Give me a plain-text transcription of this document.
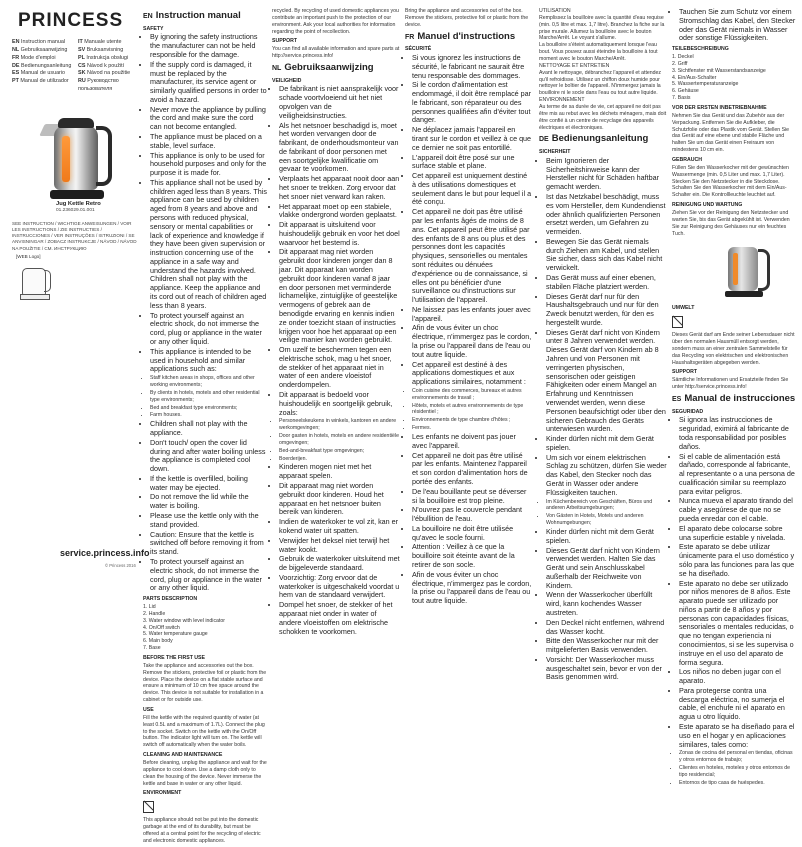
PRINCESS
EN Instruction manual	IT Manuale utente
NL Gebruiksaanwijzing	SV Bruksanvisning
FR Mode d'emploi	PL Instrukcja obsługi
DE Bedienungsanleitung	CS Návod k použití
ES Manual de usuario	SK Návod na použitie
PT Manual de utilizador	RU Руководство пользователя
Jug Kettle Retro
01.236029.01.001
SEE INSTRUCTION / WICHTIGE ANWEISUNGEN / VOIR LES INSTRUCTIONS / ZIE INSTRUCTIES / INSTRUCCIONES / VER INSTRUÇÕES / ISTRUZIONI / SE ANVISNINGAR / ZOBACZ INSTRUKCJE / NÁVOD / NÁVOD NA POUŽITIE / СМ. ИНСТРУКЦИЮ
[WEB Logo]
service.princess.info
© Princess 2016
EN Instruction manual
SAFETY
• By ignoring the safety instructions the manufacturer can not be held responsible for the damage.
• If the supply cord is damaged, it must be replaced by the manufacturer, its service agent or similarly qualified persons in order to avoid a hazard.
• Never move the appliance by pulling the cord and make sure the cord can not become entangled.
• The appliance must be placed on a stable, level surface.
• This appliance is only to be used for household purposes and only for the purpose it is made for.
• This appliance shall not be used by children aged less than 8 years. This appliance can be used by children aged from 8 years and above and persons with reduced physical, sensory or mental capabilities or lack of experience and knowledge if they have been given supervision or instruction concerning use of the appliance in a safe way and understand the hazards involved. Children shall not play with the appliance. Keep the appliance and its cord out of reach of children aged less than 8 years.
• To protect yourself against an electric shock, do not immerse the cord, plug or appliance in the water or any other liquid.
• This appliance is intended to be used in household and similar applications such as:
• Staff kitchen areas in shops, offices and other working environments;
• By clients in hotels, motels and other residential type environments;
• Bed and breakfast type environments;
• Farm houses.
• Children shall not play with the appliance.
• Don't touch/ open the cover lid during and after water boiling unless the appliance is completed cool down.
• If the kettle is overfilled, boiling water may be ejected.
• Do not remove the lid while the water is boiling.
• Please use the kettle only with the stand provided.
• Caution: Ensure that the kettle is switched off before removing it from its stand.
• To protect yourself against an electric shock, do not immerse the cord, plug or appliance in the water or any other liquid.
PARTS DESCRIPTION
1. Lid
2. Handle
3. Water window with level indicator
4. On/Off switch
5. Water temperature gauge
6. Main body
7. Base
BEFORE THE FIRST USE
Take the appliance and accessories out the box. Remove the stickers, protective foil or plastic from the device. Place the device on a flat stable surface and ensure a minimum of 10 cm free space around the device. This device is not suitable for installation in a cabinet or for outside use.
USE
Fill the kettle with the required quantity of water (at least 0.5L and a maximum of 1.7L). Connect the plug to the socket. Switch on the kettle with the On/Off button. The indicator light will turn on. The kettle will switch off automatically when the water boils.
CLEANING AND MAINTENANCE
Before cleaning, unplug the appliance and wait for the appliance to cool down. Use a damp cloth only to clean the housing of the device. Never immerse the kettle and base in water or any other liquid.
ENVIRONMENT
This appliance should not be put into the domestic garbage at the end of its durability, but must be offered at a central point for the recycling of electric and electronic domestic appliances.
recycled. By recycling of used domestic appliances you contribute an important push to the protection of our environment. Ask your local authorities for information regarding the point of recollection.
SUPPORT
You can find all available information and spare parts at http://service.princess.info!
NL Gebruiksaanwijzing
VEILIGHEID
• De fabrikant is niet aansprakelijk voor schade voortvloeiend uit het niet opvolgen van de veiligheidsinstructies.
• Als het netsnoer beschadigd is, moet het worden vervangen door de fabrikant, de onderhoudsmonteur van de fabrikant of door personen met een soortgelijke kwalificatie om gevaar te voorkomen.
• Verplaats het apparaat nooit door aan het snoer te trekken. Zorg ervoor dat het snoer niet verward kan raken.
• Het apparaat moet op een stabiele, vlakke ondergrond worden geplaatst.
• Dit apparaat is uitsluitend voor huishoudelijk gebruik en voor het doel waarvoor het bestemd is.
• Dit apparaat mag niet worden gebruikt door kinderen jonger dan 8 jaar. Dit apparaat kan worden gebruikt door kinderen vanaf 8 jaar en door personen met verminderde lichamelijke, zintuiglijke of geestelijke vermogens of gebrek aan de benodigde ervaring en kennis indien ze onder toezicht staan of instructies krijgen voor hoe het apparaat op een veilige manier kan worden gebruikt.
• Om uzelf te beschermen tegen een elektrische schok, mag u het snoer, de stekker of het apparaat niet in water of een andere vloeistof onderdompelen.
• Dit apparaat is bedoeld voor huishoudelijk en soortgelijk gebruik, zoals:
• Personeelskeukens in winkels, kantoren en andere werkomgevingen;
• Door gasten in hotels, motels en andere residentiële omgevingen;
• Bed-and-breakfast type omgevingen;
• Boerderijen.
• Kinderen mogen niet met het apparaat spelen.
• Dit apparaat mag niet worden gebruikt door kinderen. Houd het apparaat en het netsnoer buiten bereik van kinderen.
• Indien de waterkoker te vol zit, kan er kokend water uit spatten.
• Verwijder het deksel niet terwijl het water kookt.
• Gebruik de waterkoker uitsluitend met de bijgeleverde standaard.
• Voorzichtig: Zorg ervoor dat de waterkoker is uitgeschakeld voordat u hem van de standaard verwijdert.
• Dompel het snoer, de stekker of het apparaat niet onder in water of andere vloeistoffen om elektrische schokken te voorkomen.
Bring the appliance and accessories out of the box. Remove the stickers, protective foil or plastic from the device.
FR Manuel d'instructions
SÉCURITÉ
• Si vous ignorez les instructions de sécurité, le fabricant ne saurait être tenu responsable des dommages.
• Si le cordon d'alimentation est endommagé, il doit être remplacé par le fabricant, son réparateur ou des personnes qualifiées afin d'éviter tout danger.
• Ne déplacez jamais l'appareil en tirant sur le cordon et veillez à ce que ce dernier ne soit pas entortillé.
• L'appareil doit être posé sur une surface stable et plane.
• Cet appareil est uniquement destiné à des utilisations domestiques et seulement dans le but pour lequel il a été conçu.
• Cet appareil ne doit pas être utilisé par les enfants âgés de moins de 8 ans. Cet appareil peut être utilisé par des enfants de 8 ans ou plus et des personnes dont les capacités physiques, sensorielles ou mentales sont réduites ou dénuées d'expérience ou de connaissance, si elles ont pu bénéficier d'une surveillance ou d'instructions sur l'utilisation de l'appareil.
• Ne laissez pas les enfants jouer avec l'appareil.
• Afin de vous éviter un choc électrique, n'immergez pas le cordon, la prise ou l'appareil dans de l'eau ou tout autre liquide.
• Cet appareil est destiné à des applications domestiques et aux applications similaires, notamment :
• Coin cuisine des commerces, bureaux et autres environnements de travail ;
• Hôtels, motels et autres environnements de type résidentiel ;
• Environnements de type chambre d'hôtes ;
• Fermes.
• Les enfants ne doivent pas jouer avec l'appareil.
• Cet appareil ne doit pas être utilisé par les enfants. Maintenez l'appareil et son cordon d'alimentation hors de portée des enfants.
• De l'eau bouillante peut se déverser si la bouilloire est trop pleine.
• N'ouvrez pas le couvercle pendant l'ébullition de l'eau.
• La bouilloire ne doit être utilisée qu'avec le socle fourni.
• Attention : Veillez à ce que la bouilloire soit éteinte avant de la retirer de son socle.
• Afin de vous éviter un choc électrique, n'immergez pas le cordon, la prise ou l'appareil dans de l'eau ou tout autre liquide.
UTILISATION
Remplissez la bouilloire avec la quantité d'eau requise (min. 0,5 litre et max. 1,7 litre). Branchez la fiche sur la prise murale. Allumez la bouilloire avec le bouton Marche/Arrêt. Le voyant s'allume.
La bouilloire s'éteint automatiquement lorsque l'eau bout. Vous pouvez aussi éteindre la bouilloire à tout moment avec le bouton Marche/Arrêt.
NETTOYAGE ET ENTRETIEN
Avant le nettoyage, débranchez l'appareil et attendez qu'il refroidisse. Utilisez un chiffon doux humide pour nettoyer le boîtier de l'appareil. N'immergez jamais la bouilloire ni le socle dans l'eau ou tout autre liquide.
ENVIRONNEMENT
Au terme de sa durée de vie, cet appareil ne doit pas être mis au rebut avec les déchets ménagers, mais doit être confié à un centre de recyclage des appareils électriques et électroniques.
DE Bedienungsanleitung
SICHERHEIT
• Beim Ignorieren der Sicherheitshinweise kann der Hersteller nicht für Schäden haftbar gemacht werden.
• Ist das Netzkabel beschädigt, muss es vom Hersteller, dem Kundendienst oder ähnlich qualifizierten Personen ersetzt werden, um Gefahren zu vermeiden.
• Bewegen Sie das Gerät niemals durch Ziehen am Kabel, und stellen Sie sicher, dass sich das Kabel nicht verwickelt.
• Das Gerät muss auf einer ebenen, stabilen Fläche platziert werden.
• Dieses Gerät darf nur für den Haushaltsgebrauch und nur für den Zweck benutzt werden, für den es hergestellt wurde.
• Dieses Gerät darf nicht von Kindern unter 8 Jahren verwendet werden. Dieses Gerät darf von Kindern ab 8 Jahren und von Personen mit verringerten physischen, sensorischen oder geistigen Fähigkeiten oder einem Mangel an Erfahrung und Kenntnissen verwendet werden, wenn diese Personen beaufsichtigt oder über den sicheren Gebrauch des Geräts unterwiesen wurden.
• Kinder dürfen nicht mit dem Gerät spielen.
• Um sich vor einem elektrischen Schlag zu schützen, dürfen Sie weder das Kabel, den Stecker noch das Gerät in Wasser oder andere Flüssigkeiten tauchen.
• Im Küchenbereich von Geschäften, Büros und anderen Arbeitsumgebungen;
• Von Gästen in Hotels, Motels und anderen Wohnumgebungen;
• Kinder dürfen nicht mit dem Gerät spielen.
• Dieses Gerät darf nicht von Kindern verwendet werden. Halten Sie das Gerät und sein Anschlusskabel außerhalb der Reichweite von Kindern.
• Wenn der Wasserkocher überfüllt wird, kann kochendes Wasser austreten.
• Den Deckel nicht entfernen, während das Wasser kocht.
• Bitte den Wasserkocher nur mit der mitgelieferten Basis verwenden.
• Vorsicht: Der Wasserkocher muss ausgeschaltet sein, bevor er von der Basis genommen wird.
• Tauchen Sie zum Schutz vor einem Stromschlag das Kabel, den Stecker oder das Gerät niemals in Wasser oder sonstige Flüssigkeiten.
TEILEBESCHREIBUNG
1. Deckel
2. Griff
3. Sichtfenster mit Wasserstandsanzeige
4. Ein/Aus-Schalter
5. Wassertemperaturanzeige
6. Gehäuse
7. Basis
VOR DER ERSTEN INBETRIEBNAHME
Nehmen Sie das Gerät und das Zubehör aus der Verpackung. Entfernen Sie die Aufkleber, die Schutzfolie oder das Plastik vom Gerät. Stellen Sie das Gerät auf eine ebene und stabile Fläche und halten Sie um das Gerät einen Freiraum von mindestens 10 cm ein.
GEBRAUCH
Füllen Sie den Wasserkocher mit der gewünschten Wassermenge (min. 0,5 Liter und max. 1,7 Liter). Stecken Sie den Netzstecker in die Steckdose. Schalten Sie den Wasserkocher mit dem Ein/Aus-Schalter ein. Die Kontrollleuchte leuchtet auf.
REINIGUNG UND WARTUNG
Ziehen Sie vor der Reinigung den Netzstecker und warten Sie, bis das Gerät abgekühlt ist. Verwenden Sie zur Reinigung des Gehäuses nur ein feuchtes Tuch.
UMWELT
Dieses Gerät darf am Ende seiner Lebensdauer nicht über den normalen Hausmüll entsorgt werden, sondern muss an einer zentralen Sammelstelle für das Recycling von elektrischen und elektronischen Haushaltsgeräten abgegeben werden.
SUPPORT
Sämtliche Informationen und Ersatzteile finden Sie unter http://service.princess.info!
ES Manual de instrucciones
SEGURIDAD
• Si ignora las instrucciones de seguridad, eximirá al fabricante de toda responsabilidad por posibles daños.
• Si el cable de alimentación está dañado, corresponde al fabricante, al representante o a una persona de cualificación similar su reemplazo para evitar peligros.
• Nunca mueva el aparato tirando del cable y asegúrese de que no se pueda enredar con el cable.
• El aparato debe colocarse sobre una superficie estable y nivelada.
• Este aparato se debe utilizar únicamente para el uso doméstico y sólo para las funciones para las que se ha diseñado.
• Este aparato no debe ser utilizado por niños menores de 8 años. Este aparato puede ser utilizado por niños a partir de 8 años y por personas con capacidades físicas, sensoriales o mentales reducidas, o que no tengan experiencia ni conocimientos, si se les supervisa o instruye en el uso del aparato de forma segura.
• Los niños no deben jugar con el aparato.
• Para protegerse contra una descarga eléctrica, no sumerja el cable, el enchufe ni el aparato en agua u otro líquido.
• Este aparato se ha diseñado para el uso en el hogar y en aplicaciones similares, tales como:
• Zonas de cocina del personal en tiendas, oficinas y otros entornos de trabajo;
• Clientes en hoteles, moteles y otros entornos de tipo residencial;
• Entornos de tipo casa de huéspedes.
